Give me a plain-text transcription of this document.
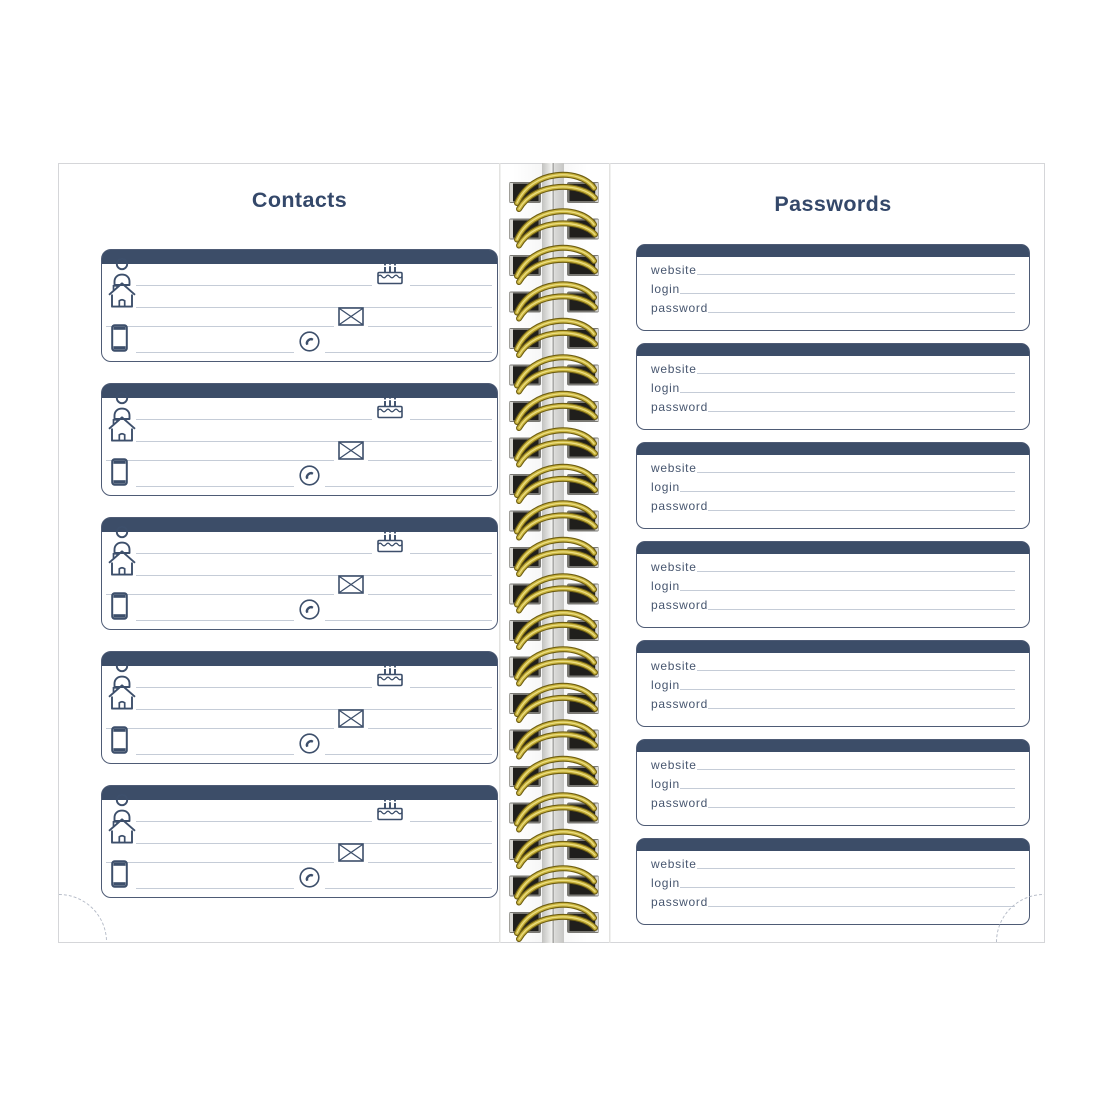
Contacts	Passwords
website
login
password
website
login
password
website
login
password
website
login
password
website
login
password
website
login
password
website
login
password
